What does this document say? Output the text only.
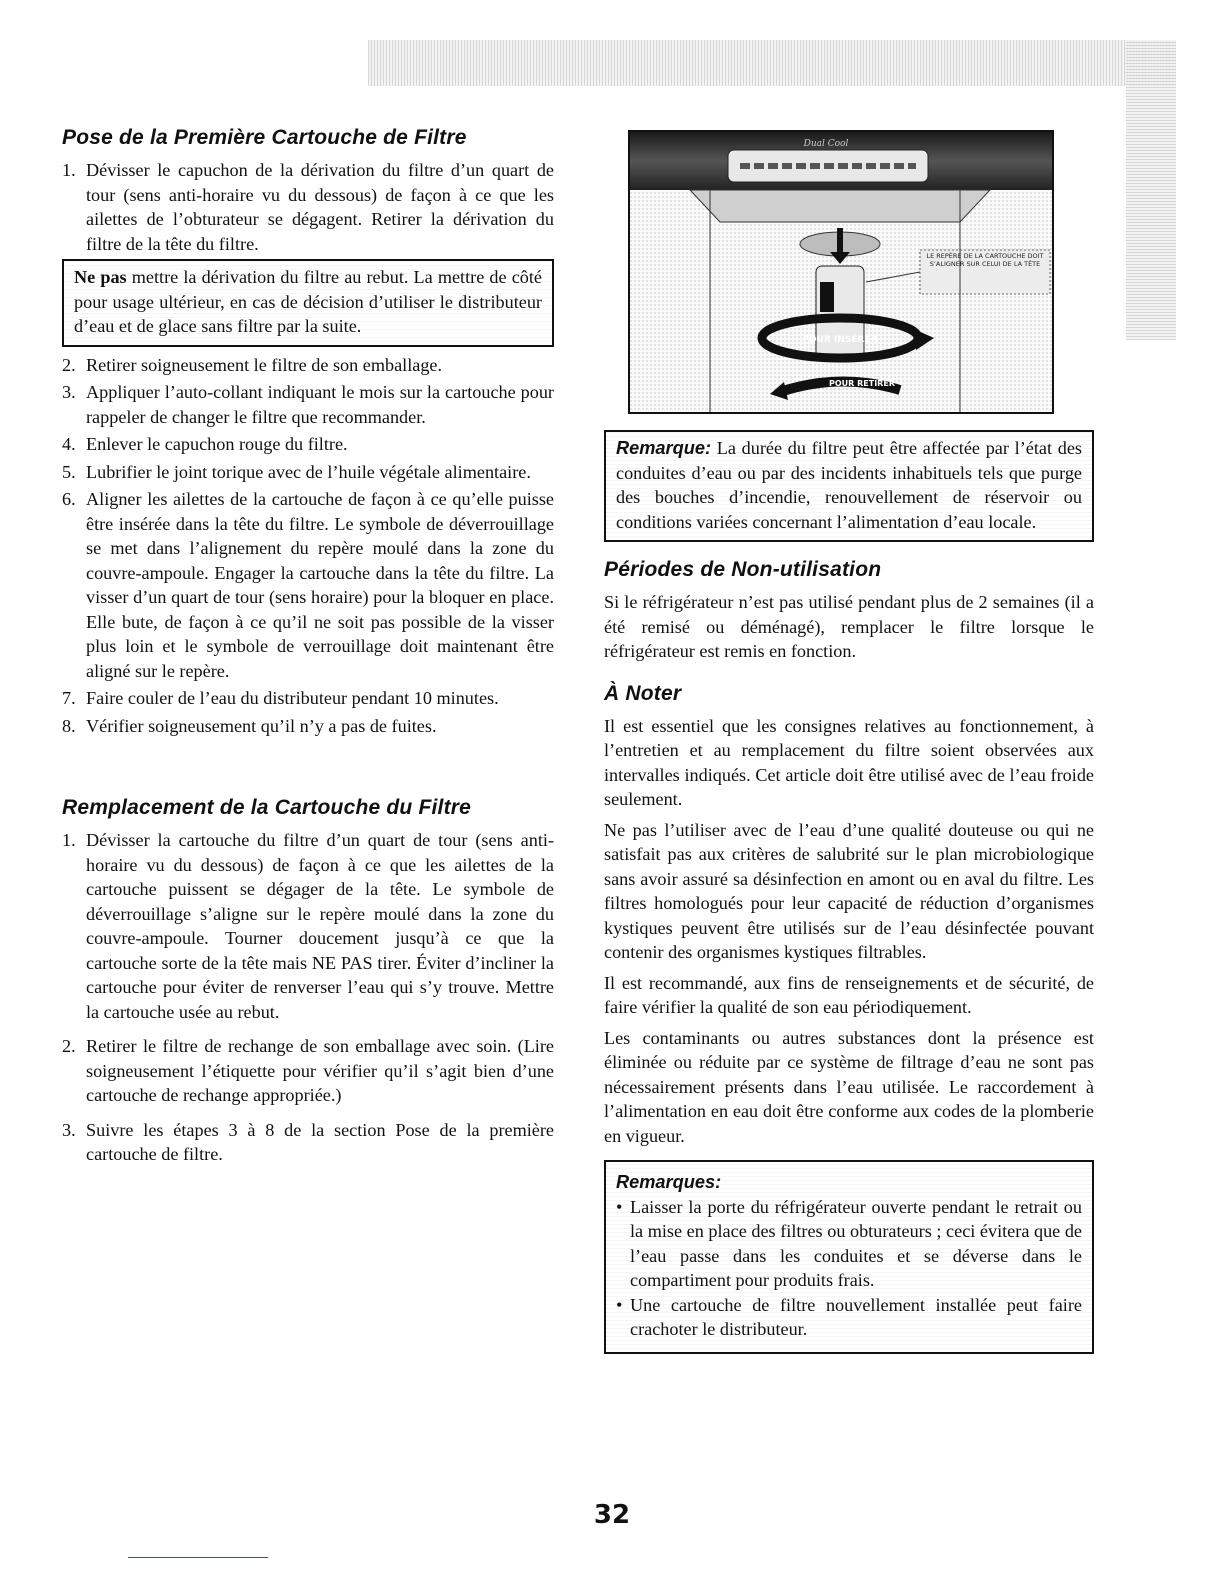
Pose de la Première Cartouche de Filtre
1. Dévisser le capuchon de la dérivation du filtre d’un quart de tour (sens anti-horaire vu du dessous) de façon à ce que les ailettes de l’obturateur se dégagent. Retirer la dérivation du filtre de la tête du filtre.
Ne pas mettre la dérivation du filtre au rebut. La mettre de côté pour usage ultérieur, en cas de décision d’utiliser le distributeur d’eau et de glace sans filtre par la suite.
2. Retirer soigneusement le filtre de son emballage.
3. Appliquer l’auto-collant indiquant le mois sur la cartouche pour rappeler de changer le filtre que recommander.
4. Enlever le capuchon rouge du filtre.
5. Lubrifier le joint torique avec de l’huile végétale alimentaire.
6. Aligner les ailettes de la cartouche de façon à ce qu’elle puisse être insérée dans la tête du filtre. Le symbole de déverrouillage se met dans l’alignement du repère moulé dans la zone du couvre-ampoule. Engager la cartouche dans la tête du filtre. La visser d’un quart de tour (sens horaire) pour la bloquer en place. Elle bute, de façon à ce qu’il ne soit pas possible de la visser plus loin et le symbole de verrouillage doit maintenant être aligné sur le repère.
7. Faire couler de l’eau du distributeur pendant 10 minutes.
8. Vérifier soigneusement qu’il n’y a pas de fuites.
Remplacement de la Cartouche du Filtre
1. Dévisser la cartouche du filtre d’un quart de tour (sens anti-horaire vu du dessous) de façon à ce que les ailettes de la cartouche puissent se dégager de la tête. Le symbole de déverrouillage s’aligne sur le repère moulé dans la zone du couvre-ampoule. Tourner doucement jusqu’à ce que la cartouche sorte de la tête mais NE PAS tirer. Éviter d’incliner la cartouche pour éviter de renverser l’eau qui s’y trouve. Mettre la cartouche usée au rebut.
2. Retirer le filtre de rechange de son emballage avec soin. (Lire soigneusement l’étiquette pour vérifier qu’il s’agit bien d’une cartouche de rechange appropriée.)
3. Suivre les étapes 3 à 8 de la section Pose de la première cartouche de filtre.
Dual Cool
POUR INSÉRER
POUR RETIRER
LE REPÈRE DE LA CARTOUCHE DOIT S’ALIGNER SUR CELUI DE LA TÊTE
Remarque: La durée du filtre peut être affectée par l’état des conduites d’eau ou par des incidents inhabituels tels que purge des bouches d’incendie, renouvellement de réservoir ou conditions variées concernant l’alimentation d’eau locale.
Périodes de Non-utilisation

Si le réfrigérateur n’est pas utilisé pendant plus de 2 semaines (il a été remisé ou déménagé), remplacer le filtre lorsque le réfrigérateur est remis en fonction.

À Noter

Il est essentiel que les consignes relatives au fonctionnement, à l’entretien et au remplacement du filtre soient observées aux intervalles indiqués. Cet article doit être utilisé avec de l’eau froide seulement.

Ne pas l’utiliser avec de l’eau d’une qualité douteuse ou qui ne satisfait pas aux critères de salubrité sur le plan microbiologique sans avoir assuré sa désinfection en amont ou en aval du filtre. Les filtres homologués pour leur capacité de réduction d’organismes kystiques peuvent être utilisés sur de l’eau désinfectée pouvant contenir des organismes kystiques filtrables.

Il est recommandé, aux fins de renseignements et de sécurité, de faire vérifier la qualité de son eau périodiquement.

Les contaminants ou autres substances dont la présence est éliminée ou réduite par ce système de filtrage d’eau ne sont pas nécessairement présents dans l’eau utilisée. Le raccordement à l’alimentation en eau doit être conforme aux codes de la plomberie en vigueur.

Remarques:
• Laisser la porte du réfrigérateur ouverte pendant le retrait ou la mise en place des filtres ou obturateurs ; ceci évitera que de l’eau passe dans les conduites et se déverse dans le compartiment pour produits frais.
• Une cartouche de filtre nouvellement installée peut faire crachoter le distributeur.
32
